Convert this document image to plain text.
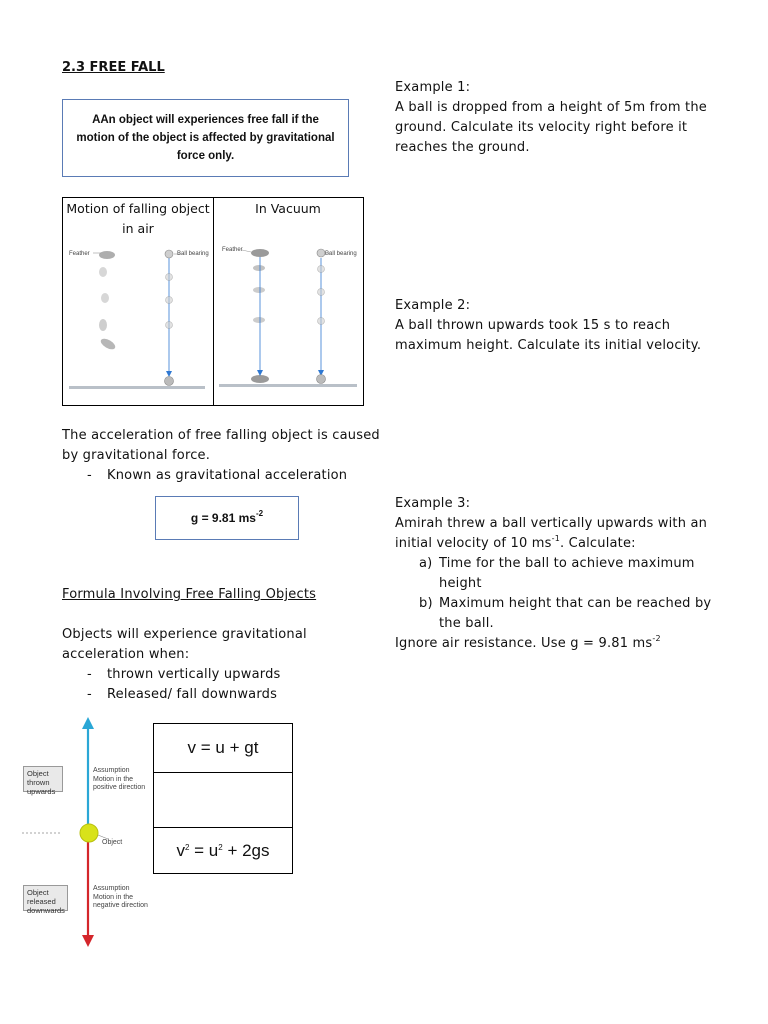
2.3 FREE FALL
AAn object will experiences free fall if the motion of the object is affected by gravitational force only.
Motion of falling object in air
Feather	Ball bearing
In Vacuum
Feather
Ball bearing
The acceleration of free falling object is caused by gravitational force.
- Known as gravitational acceleration
g = 9.81 $ms^{-2}$
Formula Involving Free Falling Objects
Objects will experience gravitational acceleration when:
- thrown vertically upwards
- Released/ fall downwards
Object thrown upwards
Assumption Motion in the positive direction
Object
Object released downwards
Assumption Motion in the negative direction
v = u + gt
$v^2 = u^2 + 2gs$
Example 1:
A ball is dropped from a height of 5m from the ground. Calculate its velocity right before it reaches the ground.
Example 2:
A ball thrown upwards took 15 s to reach maximum height. Calculate its initial velocity.
Example 3:
Amirah threw a ball vertically upwards with an initial velocity of 10 $ms^{-1}$. Calculate:
a) Time for the ball to achieve maximum height
b) Maximum height that can be reached by the ball.
Ignore air resistance. Use g = 9.81 $ms^{-2}$
